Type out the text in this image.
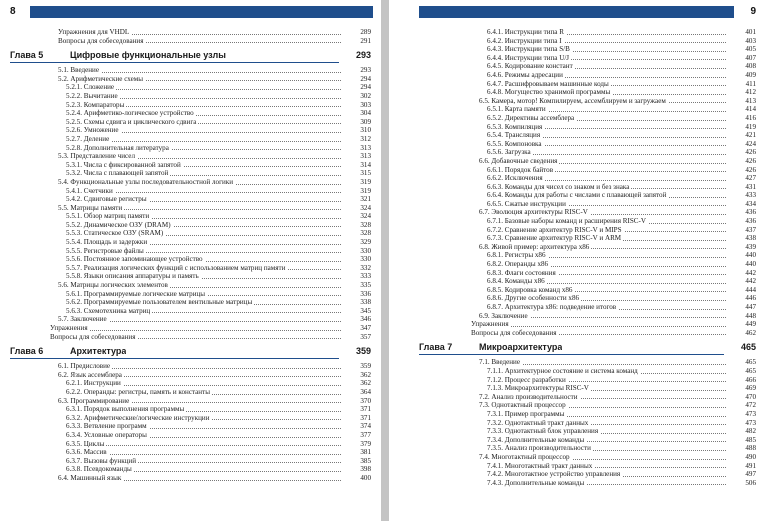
8
Упражнения для VHDL	289
Вопросы для собеседования	291
Глава 5	Цифровые функциональные узлы	293
5.1. Введение	293
5.2. Арифметические схемы	294
5.2.1. Сложение	294
5.2.2. Вычитание	302
5.2.3. Компараторы	303
5.2.4. Арифметико-логическое устройство	304
5.2.5. Схемы сдвига и циклического сдвига	309
5.2.6. Умножение	310
5.2.7. Деление	312
5.2.8. Дополнительная литература	313
5.3. Представление чисел	313
5.3.1. Числа с фиксированной запятой	314
5.3.2. Числа с плавающей запятой	315
5.4. Функциональные узлы последовательностной логики	319
5.4.1. Счетчики	319
5.4.2. Сдвиговые регистры	321
5.5. Матрицы памяти	324
5.5.1. Обзор матриц памяти	324
5.5.2. Динамическое ОЗУ (DRAM)	328
5.5.3. Статическое ОЗУ (SRAM)	328
5.5.4. Площадь и задержки	329
5.5.5. Регистровые файлы	330
5.5.6. Постоянное запоминающее устройство	330
5.5.7. Реализация логических функций с использованием матриц памяти	332
5.5.8. Языки описания аппаратуры и память	333
5.6. Матрицы логических элементов	335
5.6.1. Программируемые логические матрицы	336
5.6.2. Программируемые пользователем вентильные матрицы	338
5.6.3. Схемотехника матриц	345
5.7. Заключение	346
Упражнения	347
Вопросы для собеседования	357
Глава 6	Архитектура	359
6.1. Предисловие	359
6.2. Язык ассемблера	362
6.2.1. Инструкции	362
6.2.2. Операнды: регистры, память и константы	364
6.3. Программирование	370
6.3.1. Порядок выполнения программы	371
6.3.2. Арифметические/логические инструкции	371
6.3.3. Ветвление программ	374
6.3.4. Условные операторы	377
6.3.5. Циклы	379
6.3.6. Массив	381
6.3.7. Вызовы функций	385
6.3.8. Псевдокоманды	398
6.4. Машинный язык	400
9
6.4.1. Инструкции типа R	401
6.4.2. Инструкции типа I	403
6.4.3. Инструкции типа S/B	405
6.4.4. Инструкции типа U/J	407
6.4.5. Кодирование констант	408
6.4.6. Режимы адресации	409
6.4.7. Расшифровываем машинные коды	411
6.4.8. Могущество хранимой программы	412
6.5. Камера, мотор! Компилируем, ассемблируем и загружаем	413
6.5.1. Карта памяти	414
6.5.2. Директивы ассемблера	416
6.5.3. Компиляция	419
6.5.4. Трансляция	421
6.5.5. Компоновка	424
6.5.6. Загрузка	426
6.6. Добавочные сведения	426
6.6.1. Порядок байтов	426
6.6.2. Исключения	427
6.6.3. Команды для чисел со знаком и без знака	431
6.6.4. Команды для работы с числами с плавающей запятой	433
6.6.5. Сжатые инструкции	434
6.7. Эволюция архитектуры RISC-V	436
6.7.1. Базовые наборы команд и расширения RISC-V	436
6.7.2. Сравнение архитектур RISC-V и MIPS	437
6.7.3. Сравнение архитектур RISC-V и ARM	438
6.8. Живой пример: архитектура x86	439
6.8.1. Регистры x86	440
6.8.2. Операнды x86	440
6.8.3. Флаги состояния	442
6.8.4. Команды x86	442
6.8.5. Кодировка команд x86	444
6.8.6. Другие особенности x86	446
6.8.7. Архитектура x86: подведение итогов	447
6.9. Заключение	448
Упражнения	449
Вопросы для собеседования	462
Глава 7	Микроархитектура	465
7.1. Введение	465
7.1.1. Архитектурное состояние и система команд	465
7.1.2. Процесс разработки	466
7.1.3. Микроархитектуры RISC-V	469
7.2. Анализ производительности	470
7.3. Однотактный процессор	472
7.3.1. Пример программы	473
7.3.2. Однотактный тракт данных	473
7.3.3. Однотактный блок управления	482
7.3.4. Дополнительные команды	485
7.3.5. Анализ производительности	488
7.4. Многотактный процессор	490
7.4.1. Многотактный тракт данных	491
7.4.2. Многотактное устройство управления	497
7.4.3. Дополнительные команды	506
